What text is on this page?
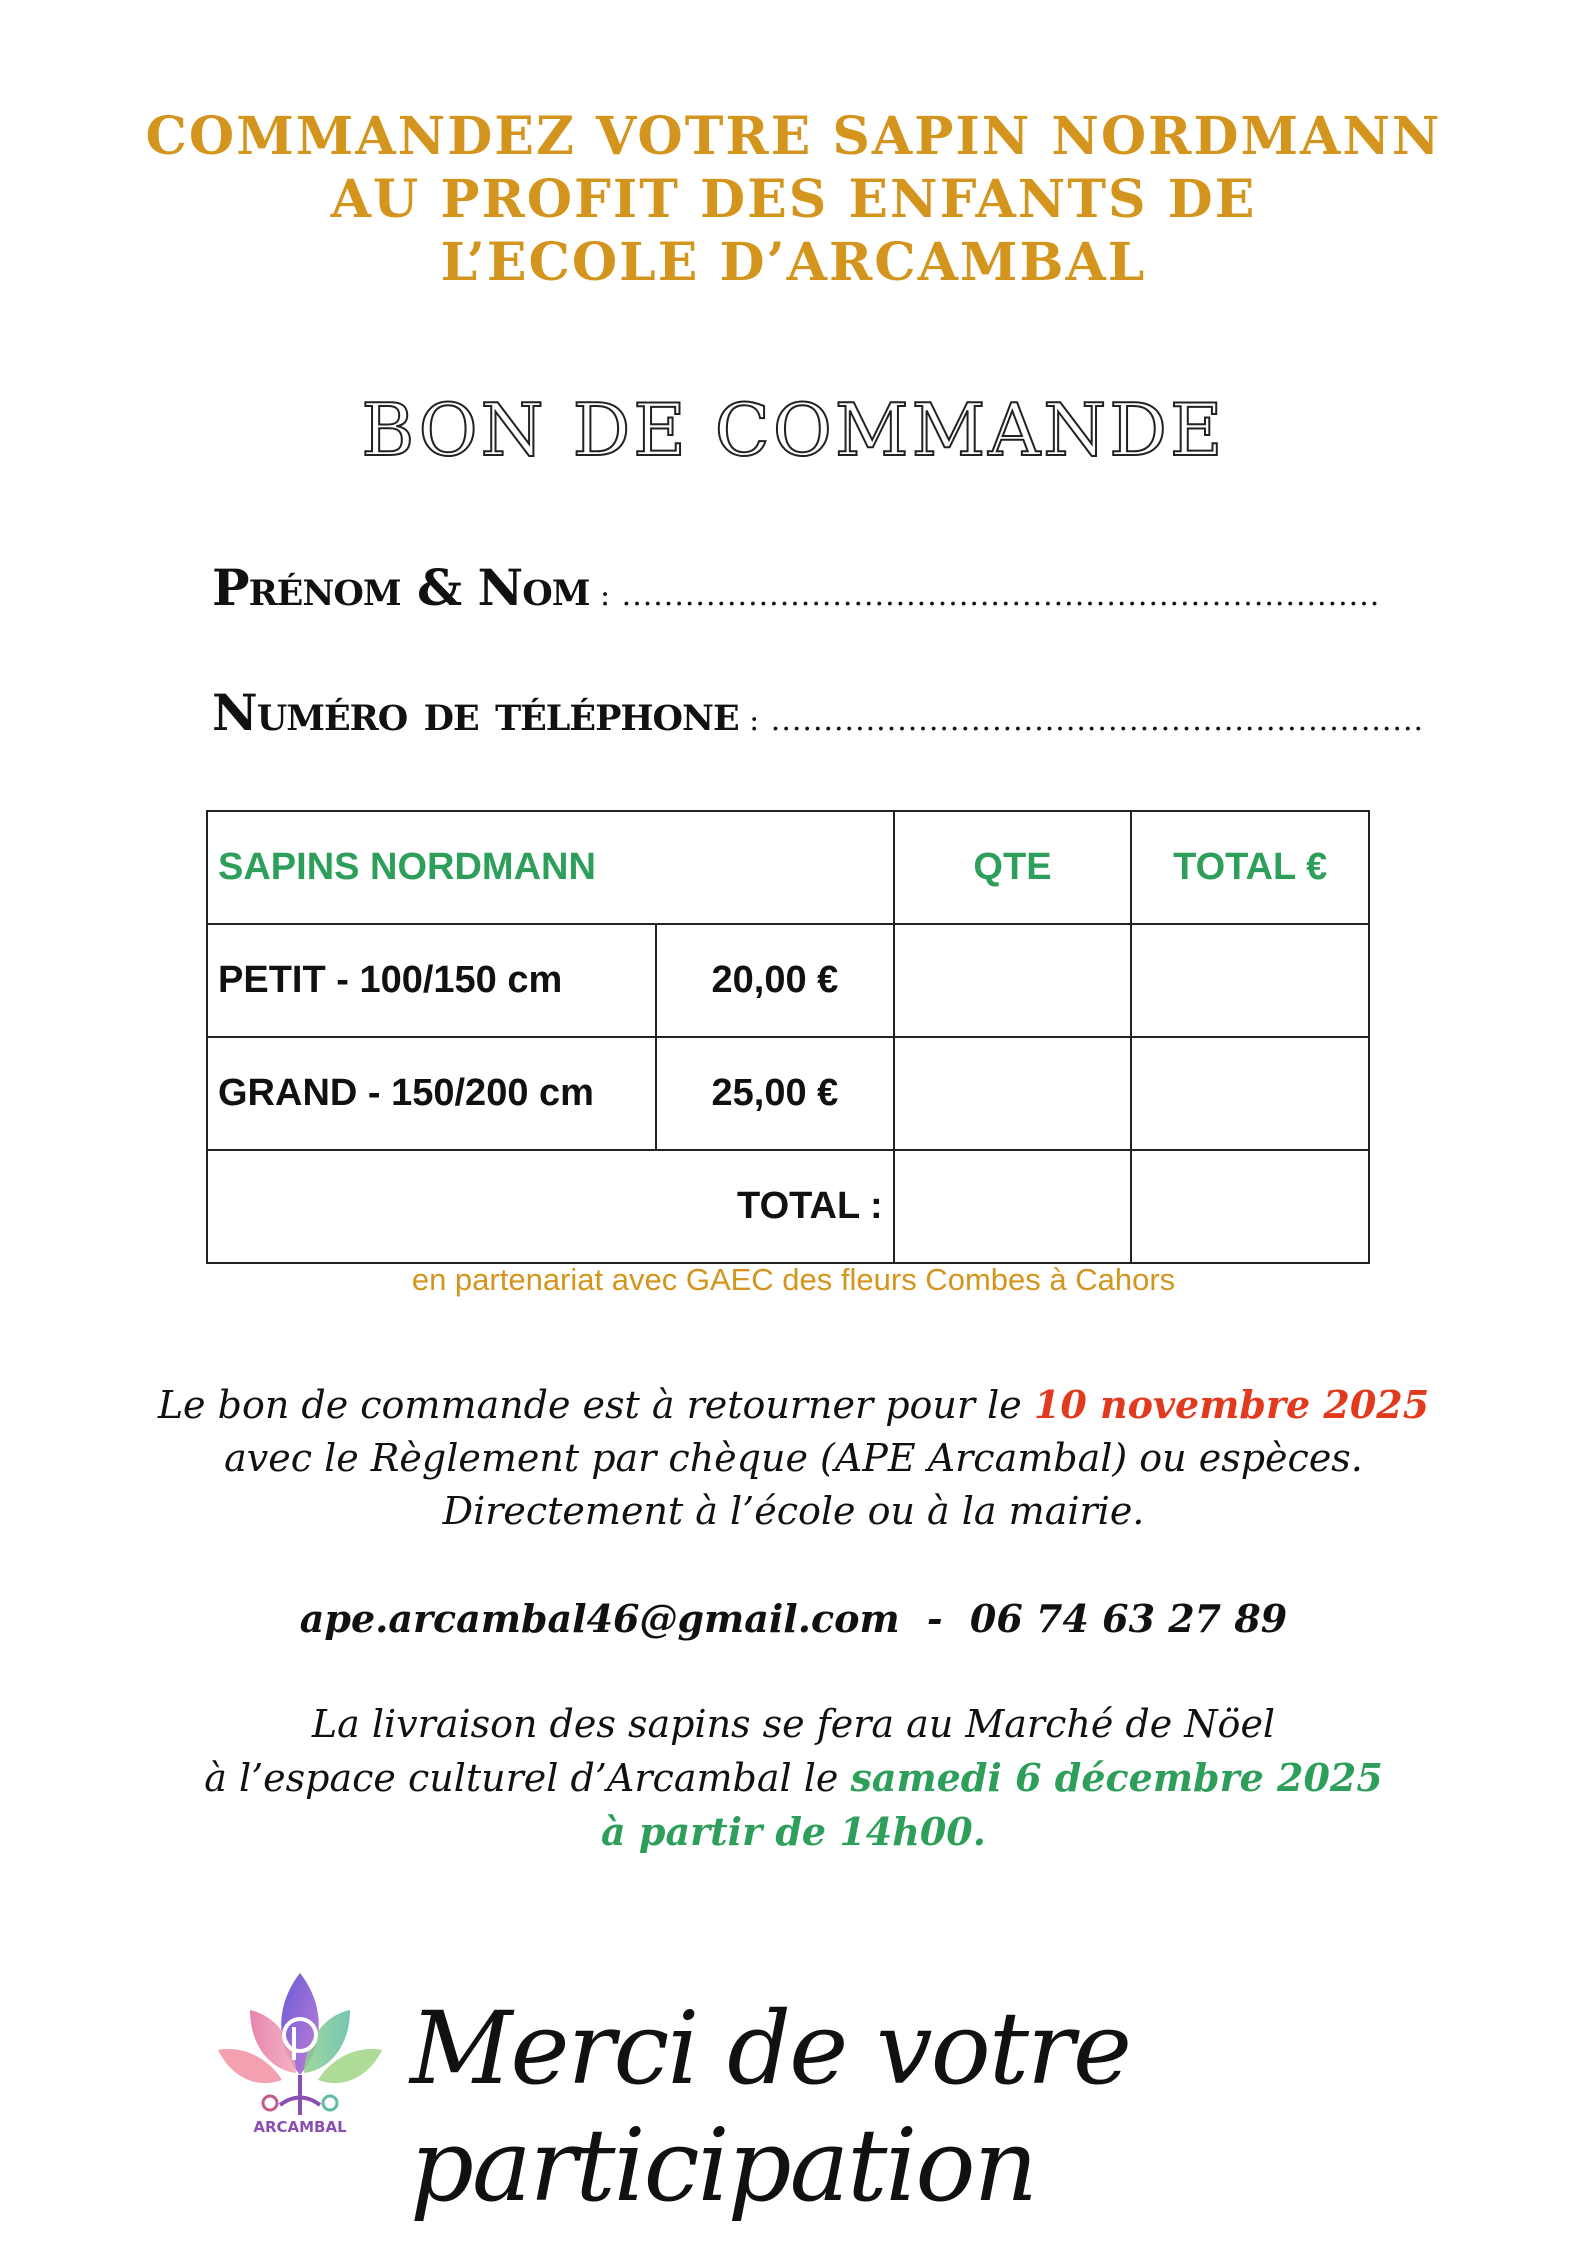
COMMANDEZ VOTRE SAPIN NORDMANN
AU PROFIT DES ENFANTS DE
L’ECOLE D’ARCAMBAL
BON DE COMMANDE
Prénom & Nom : ........................................................................
Numéro de téléphone : ..............................................................
SAPINS NORDMANN		QTE	TOTAL €
PETIT - 100/150 cm	20,00 €		
GRAND - 150/200 cm	25,00 €		
TOTAL :			
en partenariat avec GAEC des fleurs Combes à Cahors
Le bon de commande est à retourner pour le 10 novembre 2025
avec le Règlement par chèque (APE Arcambal) ou espèces.
Directement à l’école ou à la mairie.
ape.arcambal46@gmail.com - 06 74 63 27 89
La livraison des sapins se fera au Marché de Nöel
à l’espace culturel d’Arcambal le samedi 6 décembre 2025
à partir de 14h00.
ARCAMBAL
Merci de votre participation
